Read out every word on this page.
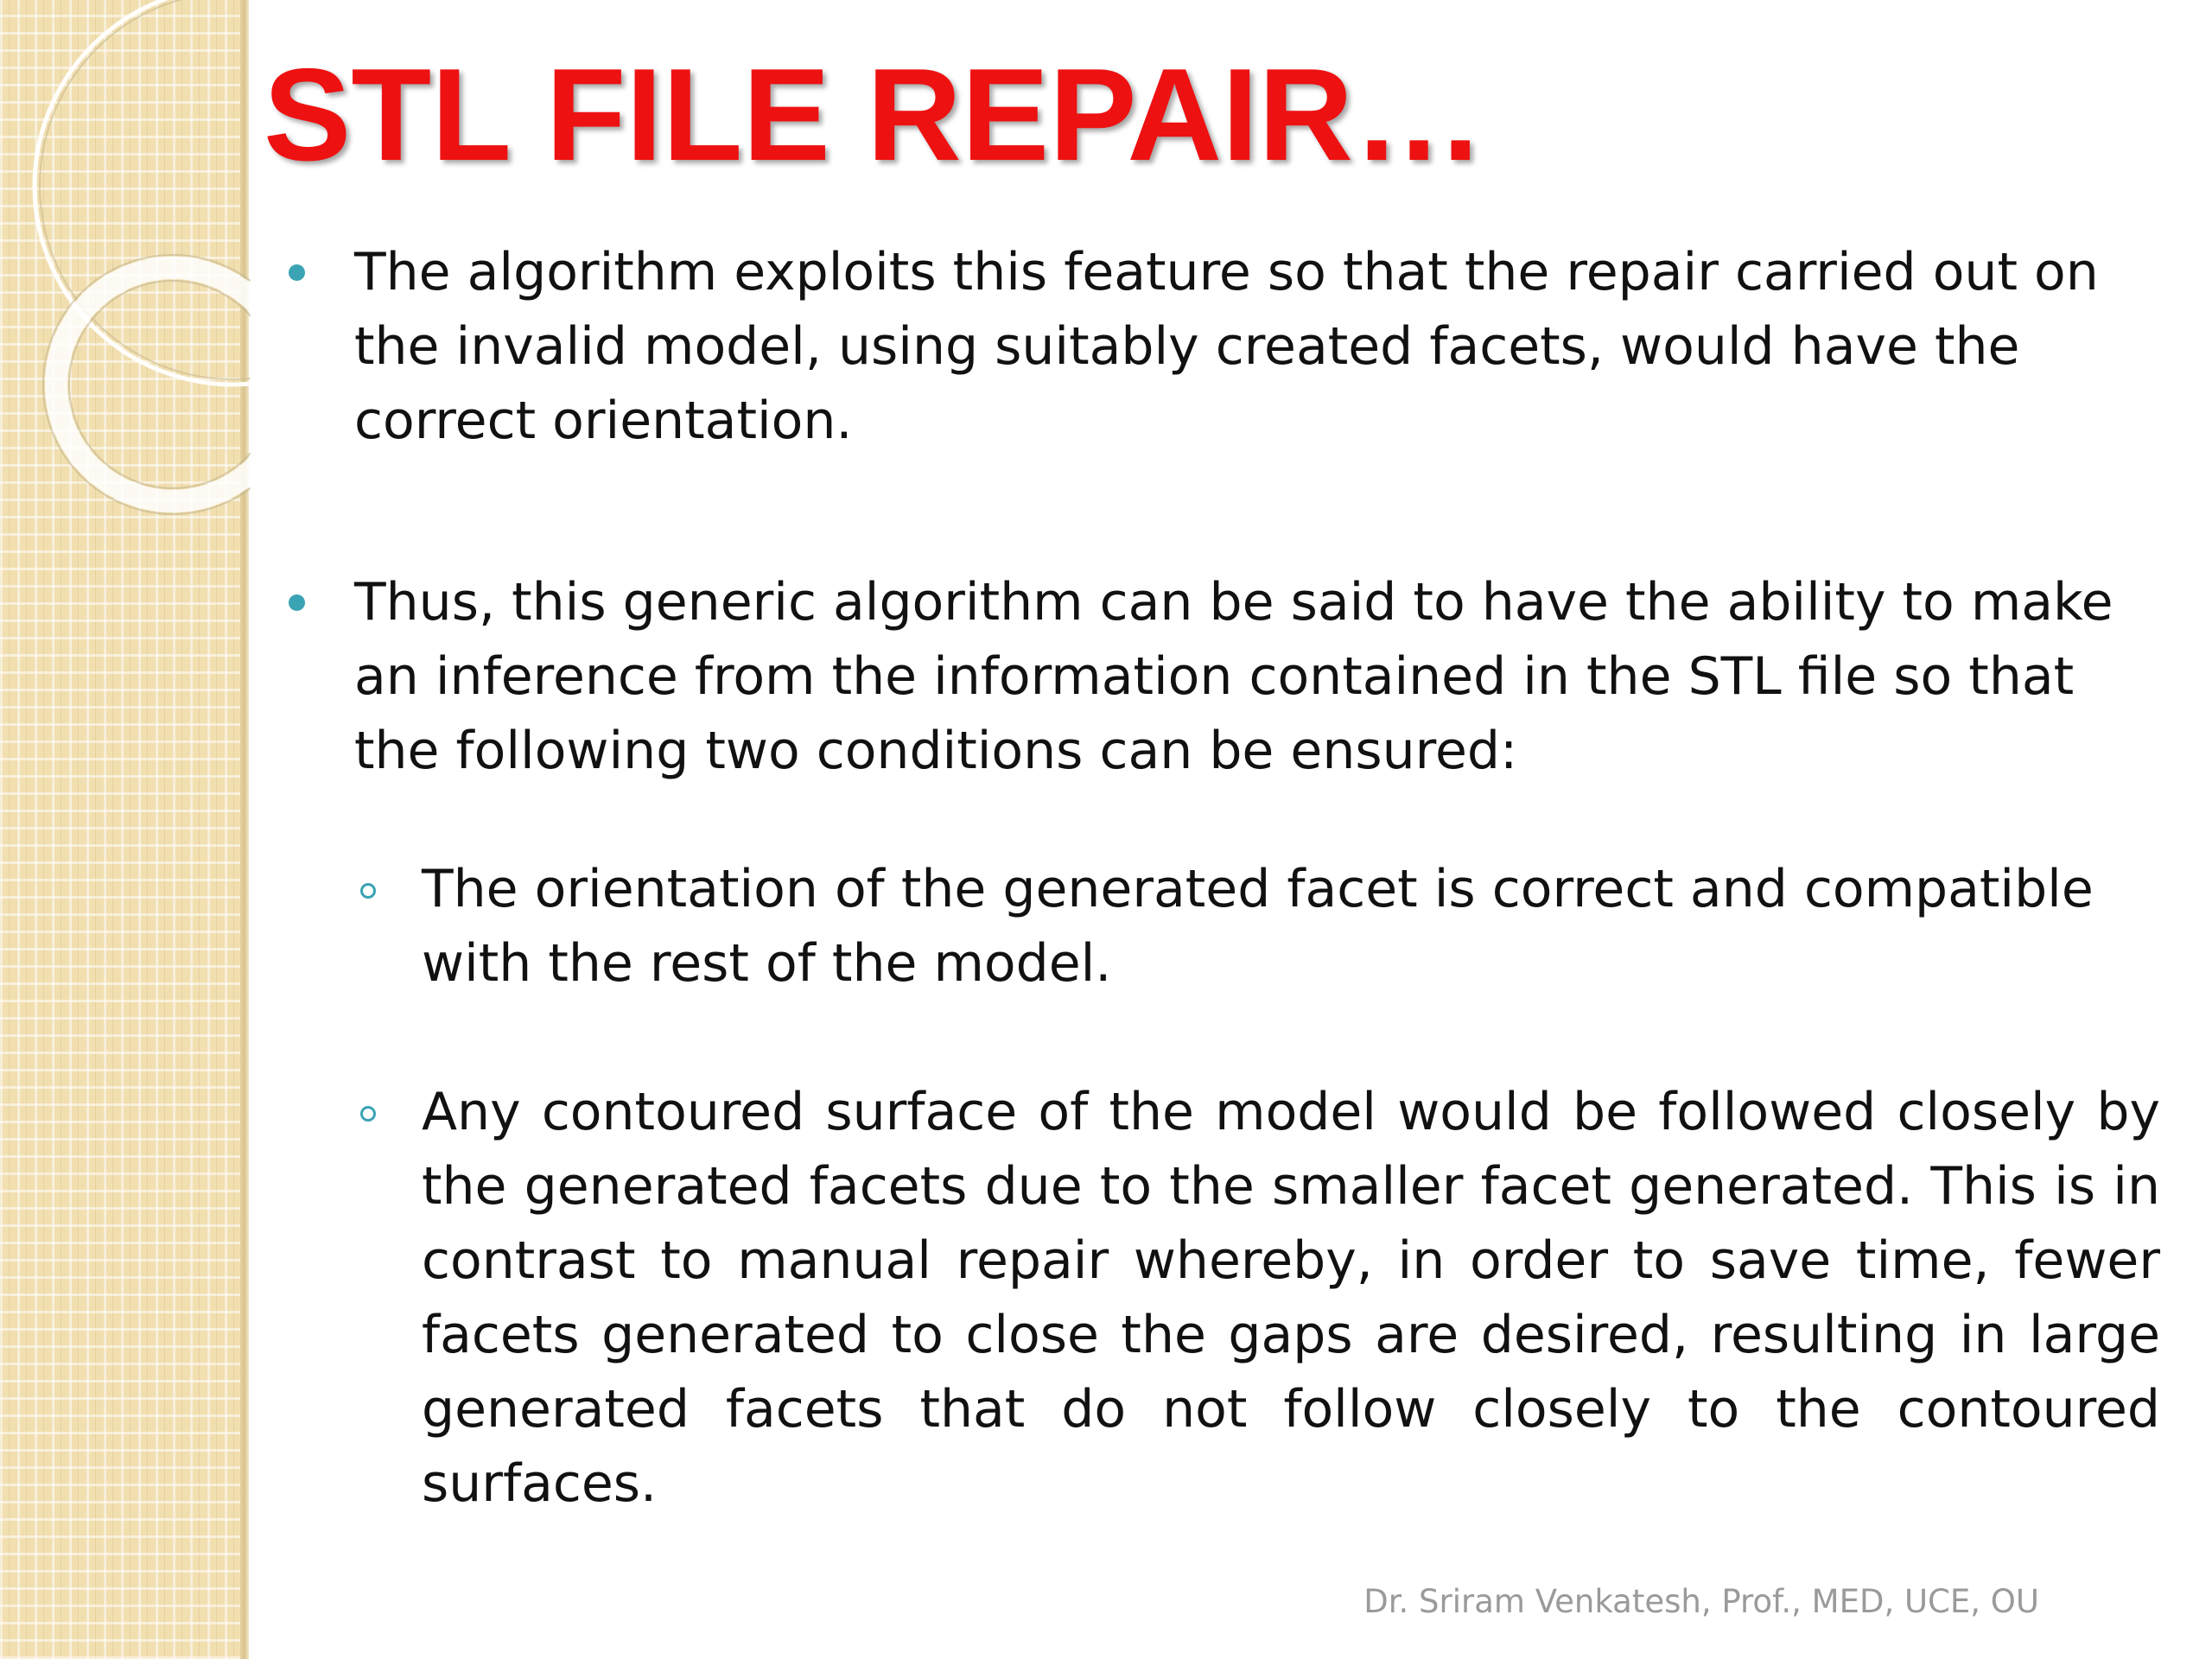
STL FILE REPAIR…

The algorithm exploits this feature so that the repair carried out on the invalid model, using suitably created facets, would have the correct orientation.

Thus, this generic algorithm can be said to have the ability to make an inference from the information contained in the STL file so that the following two conditions can be ensured:

The orientation of the generated facet is correct and compatible with the rest of the model.

Any contoured surface of the model would be followed closely by the generated facets due to the smaller facet generated. This is in contrast to manual repair whereby, in order to save time, fewer facets generated to close the gaps are desired, resulting in large generated facets that do not follow closely to the contoured surfaces.

Dr. Sriram Venkatesh, Prof., MED, UCE, OU
